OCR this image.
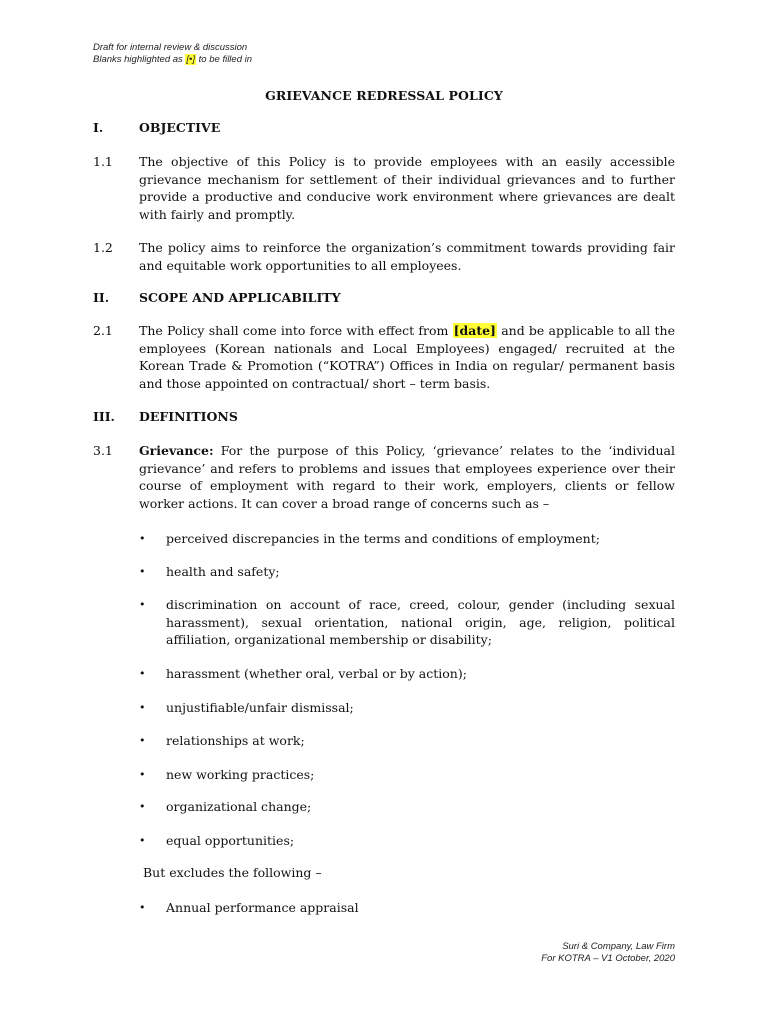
Draft for internal review & discussion
Blanks highlighted as [•] to be filled in
GRIEVANCE REDRESSAL POLICY
I.	OBJECTIVE
1.1	The objective of this Policy is to provide employees with an easily accessible grievance mechanism for settlement of their individual grievances and to further provide a productive and conducive work environment where grievances are dealt with fairly and promptly.
1.2	The policy aims to reinforce the organization’s commitment towards providing fair and equitable work opportunities to all employees.
II.	SCOPE AND APPLICABILITY
2.1	The Policy shall come into force with effect from [date] and be applicable to all the employees (Korean nationals and Local Employees) engaged/ recruited at the Korean Trade & Promotion (“KOTRA”) Offices in India on regular/ permanent basis and those appointed on contractual/ short – term basis.
III.	DEFINITIONS
3.1	Grievance: For the purpose of this Policy, ‘grievance’ relates to the ‘individual grievance’ and refers to problems and issues that employees experience over their course of employment with regard to their work, employers, clients or fellow worker actions. It can cover a broad range of concerns such as –
•	perceived discrepancies in the terms and conditions of employment;
•	health and safety;
•	discrimination on account of race, creed, colour, gender (including sexual harassment), sexual orientation, national origin, age, religion, political affiliation, organizational membership or disability;
•	harassment (whether oral, verbal or by action);
•	unjustifiable/unfair dismissal;
•	relationships at work;
•	new working practices;
•	organizational change;
•	equal opportunities;
But excludes the following –
•	Annual performance appraisal
Suri & Company, Law Firm
For KOTRA – V1 October, 2020
